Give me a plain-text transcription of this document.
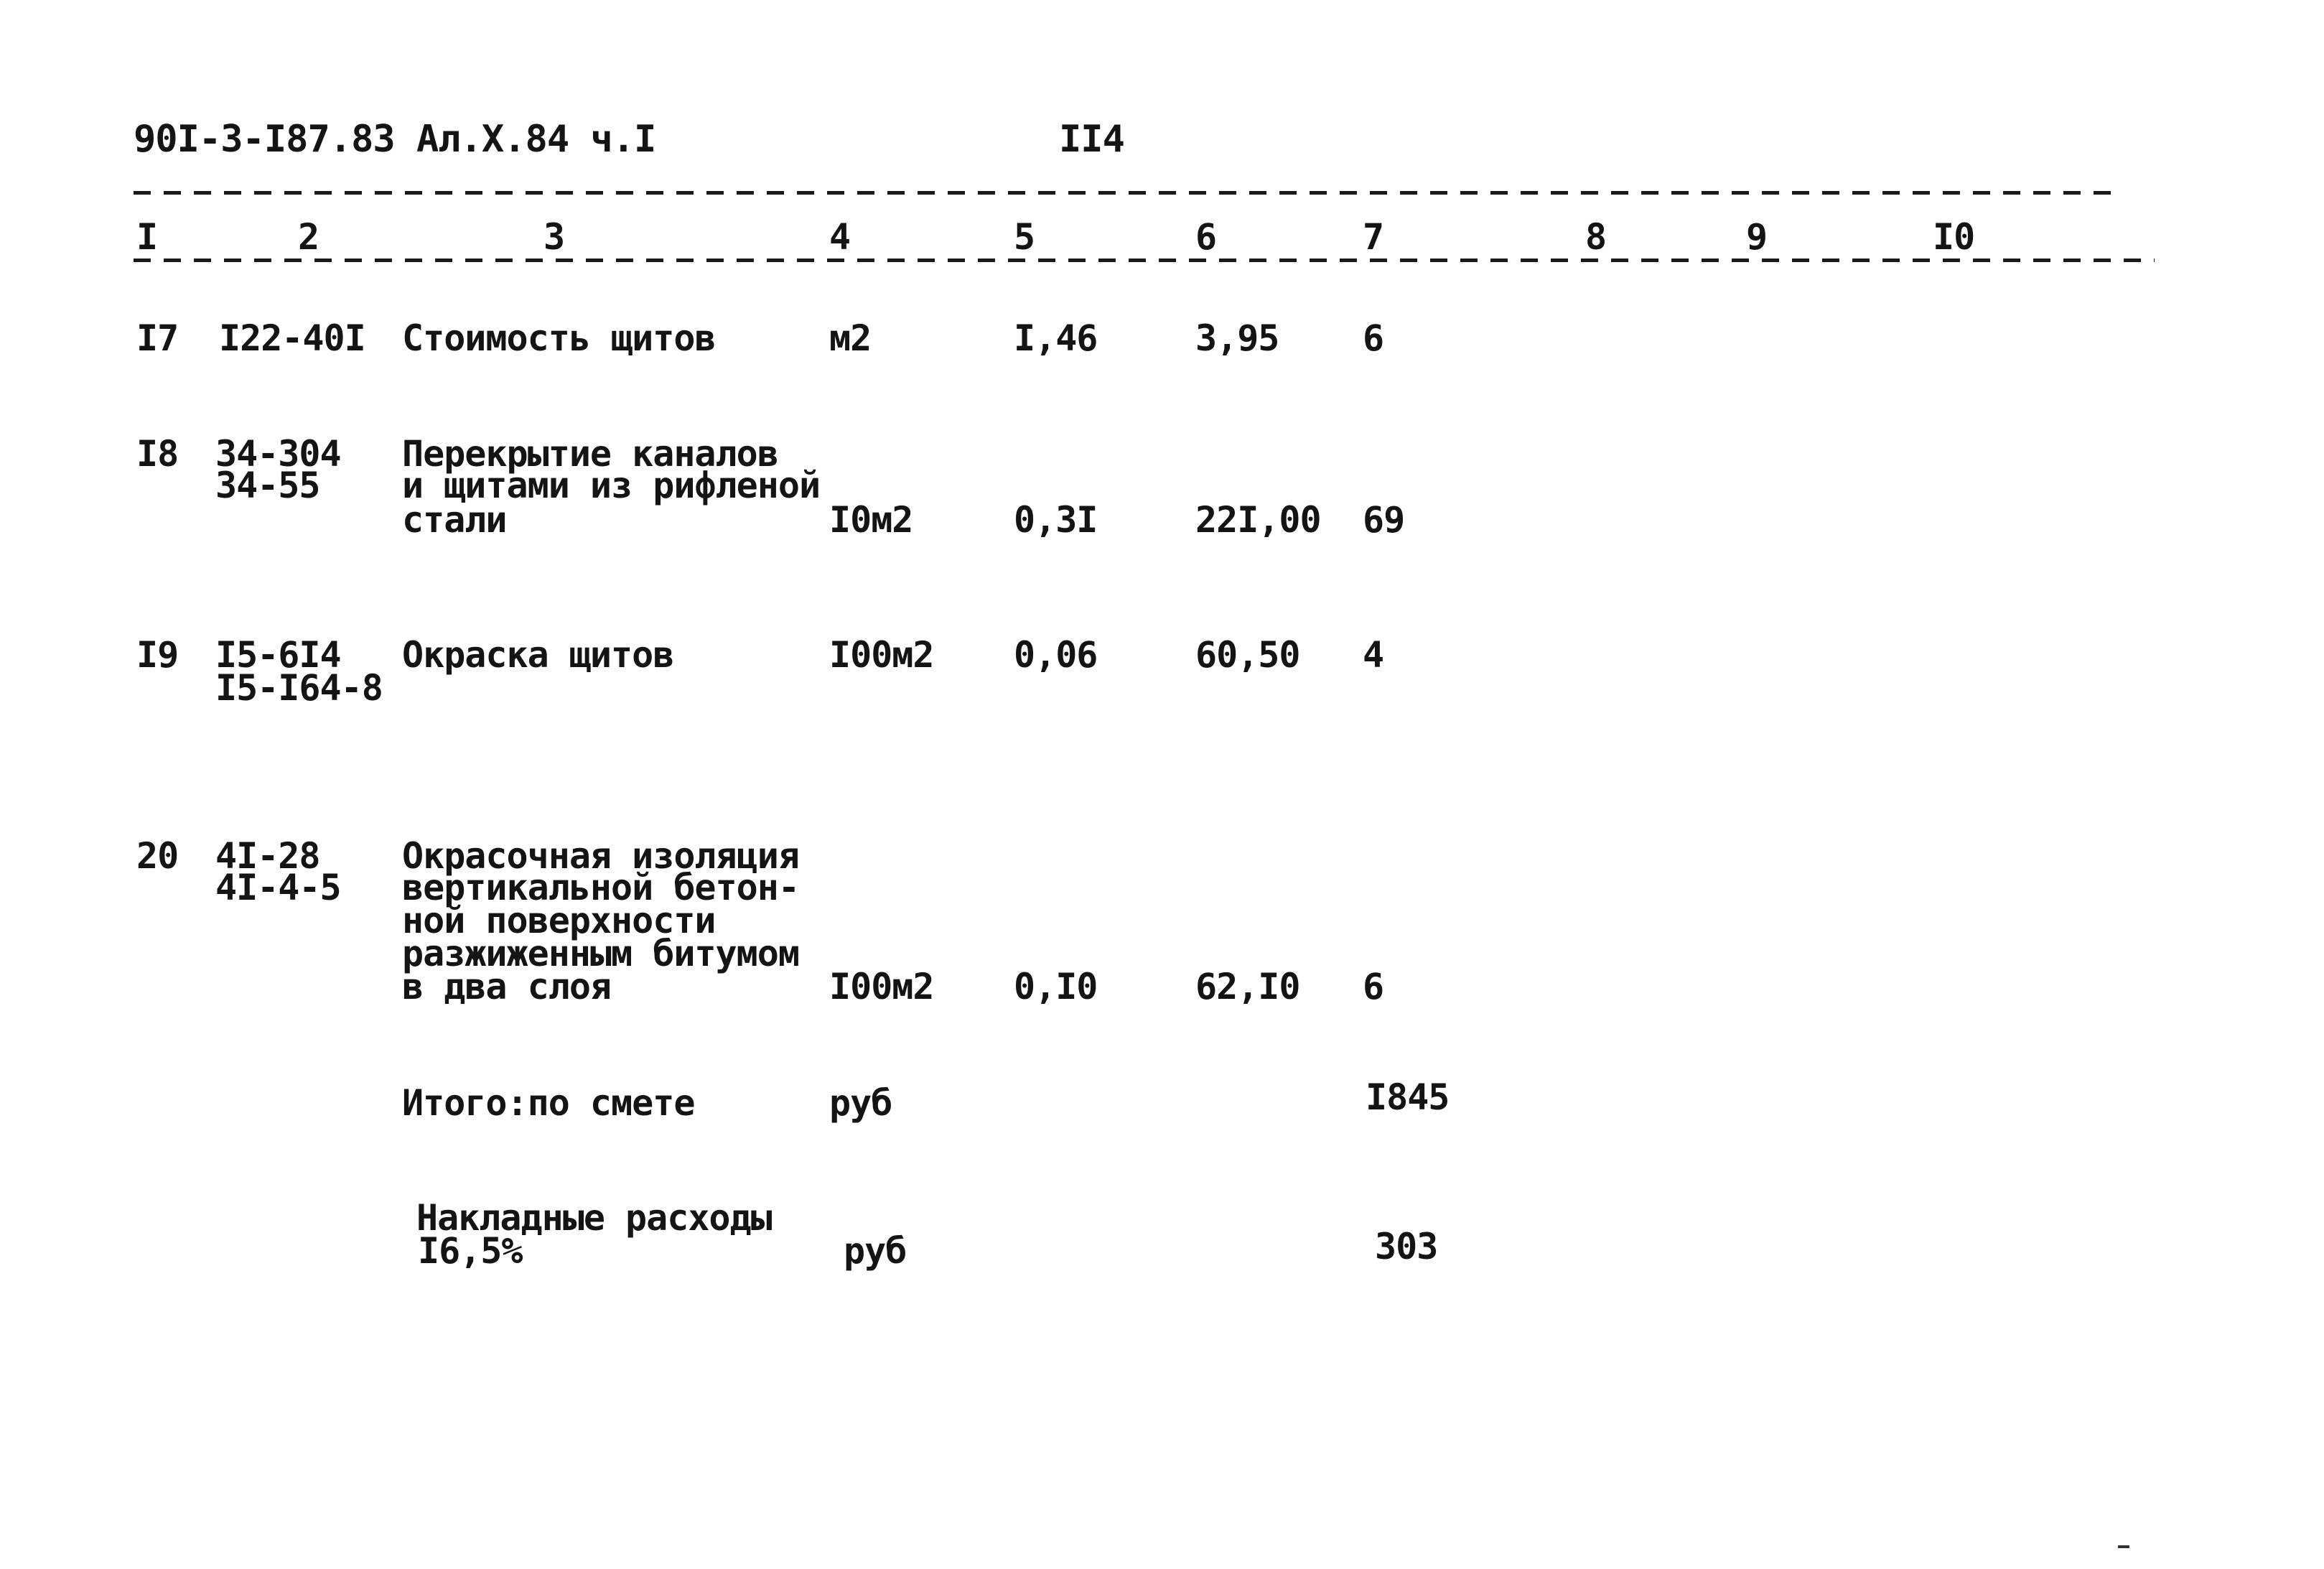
90I-3-I87.83 Ал.X.84 ч.I	II4
I	2	3	4	5	6	7	8	9	I0
I7 I22-40I Стоимость щитов	м2	I,46	3,95 6
I8 34-304
34-55
Перекрытие каналов
и щитами из рифленой
стали	I0м2	0,3I	22I,00 69
I9 I5-6I4
I5-I64-8
Окраска щитов	I00м2 0,06	60,50 4
20 4I-28
4I-4-5
Окрасочная изоляция
вертикальной бетон-
ной поверхности
разжиженным битумом
в два слоя	I00м2 0,I0	62,I0 6
Итого:по смете	руб	I845
Накладные расходы
I6,5%	руб	303
